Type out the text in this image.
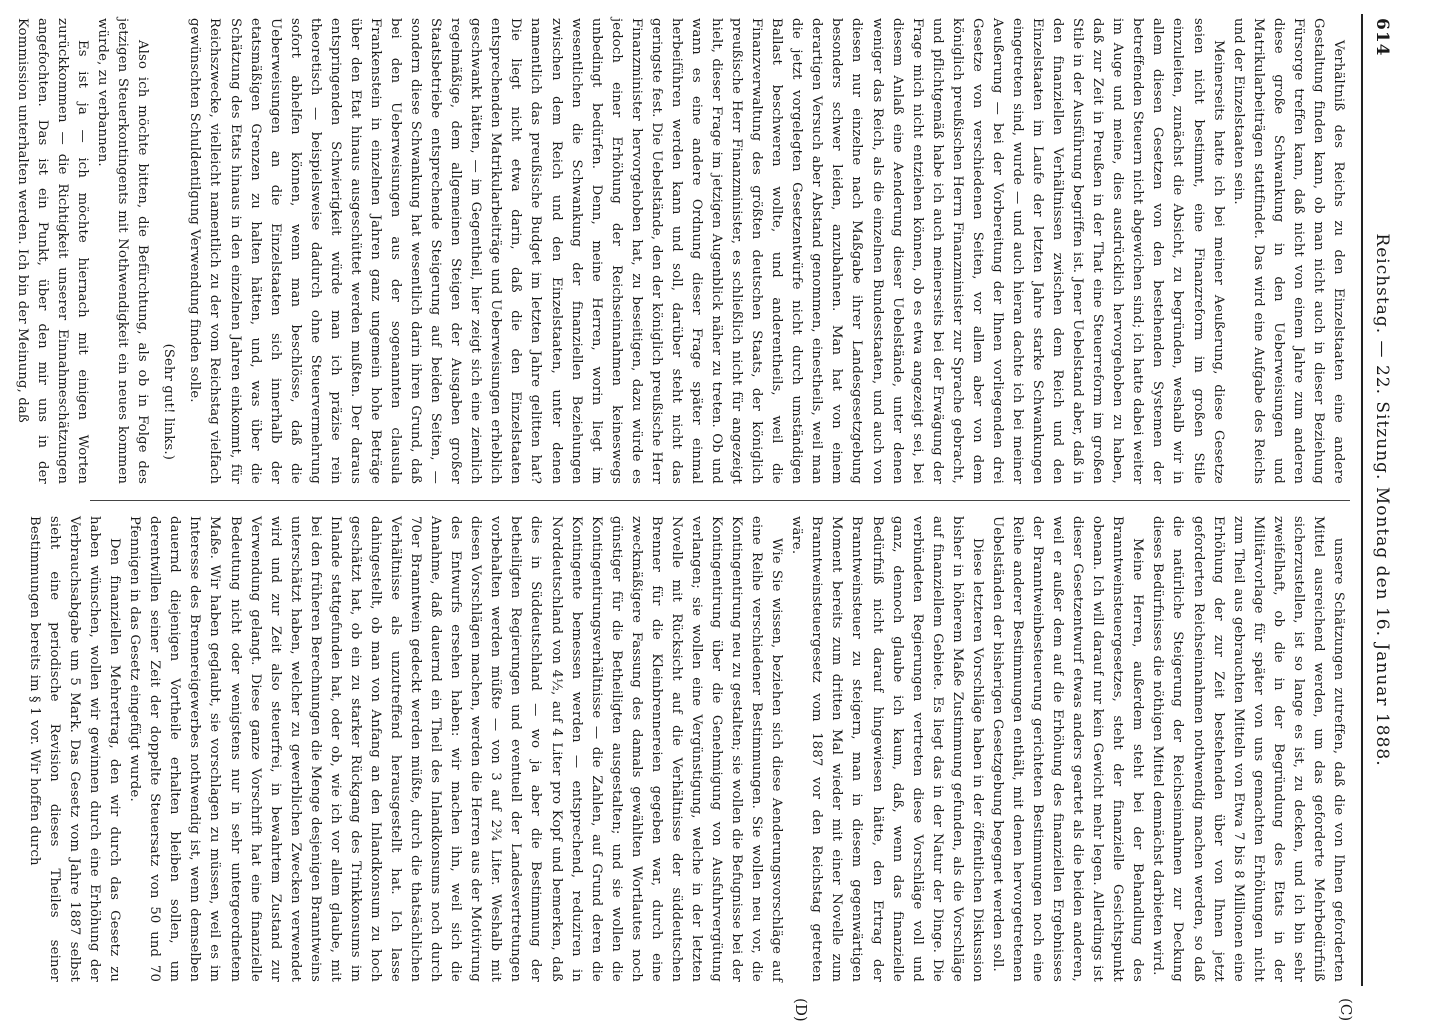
614
Reichstag. — 22. Sitzung. Montag den 16. Januar 1888.
(C)
(D)

Verhältniß des Reichs zu den Einzelstaaten eine andere Gestaltung finden kann, ob man nicht auch in dieser Beziehung Fürsorge treffen kann, daß nicht von einem Jahre zum anderen diese große Schwankung in den Ueberweisungen und Matrikularbeiträgen stattfindet. Das wird eine Aufgabe des Reichs und der Einzelstaaten sein.

Meinerseits hatte ich bei meiner Aeußerung, diese Gesetze seien nicht bestimmt, eine Finanzreform im großen Stile einzuleiten, zunächst die Absicht, zu begründen, weshalb wir in allem diesen Gesetzen von den bestehenden Systemen der betreffenden Steuern nicht abgewichen sind; ich hatte dabei weiter im Auge und meine, dies ausdrücklich hervorgehoben zu haben, daß zur Zeit in Preußen in der That eine Steuerreform im großen Stile in der Ausführung begriffen ist. Jener Uebelstand aber, daß in den finanziellen Verhältnissen zwischen dem Reich und den Einzelstaaten im Laufe der letzten Jahre starke Schwankungen eingetreten sind, wurde — und auch hieran dachte ich bei meiner Aeußerung — bei der Vorbereitung der Ihnen vorliegenden drei Gesetze von verschiedenen Seiten, vor allem aber von dem königlich preußischen Herrn Finanzminister zur Sprache gebracht, und pflichtgemäß habe ich auch meinerseits bei der Erwägung der Frage mich nicht entziehen können, ob es etwa angezeigt sei, bei diesem Anlaß eine Aenderung dieser Uebelstände, unter denen weniger das Reich, als die einzelnen Bundesstaaten, und auch von diesen nur einzelne nach Maßgabe ihrer Landesgesetzgebung besonders schwer leiden, anzubahnen. Man hat von einem derartigen Versuch aber Abstand genommen, einestheils, weil man die jetzt vorgelegten Gesetzentwürfe nicht durch umständigen Ballast beschweren wollte, und anderentheils, weil die Finanzverwaltung des größten deutschen Staats, der königlich preußische Herr Finanzminister, es schließlich nicht für angezeigt hielt, dieser Frage im jetzigen Augenblick näher zu treten. Ob und wann es eine andere Ordnung dieser Frage später einmal herbeiführen werden kann und soll, darüber steht nicht das geringste fest. Die Uebelstände, den der königlich preußische Herr Finanzminister hervorgehoben hat, zu beseitigen, dazu würde es jedoch einer Erhöhung der Reichseinnahmen keineswegs unbedingt bedürfen. Denn, meine Herren, worin liegt im wesentlichen die Schwankung der finanziellen Beziehungen zwischen dem Reich und den Einzelstaaten, unter denen namentlich das preußische Budget im letzten Jahre gelitten hat? Die liegt nicht etwa darin, daß die den Einzelstaaten entsprechenden Matrikularbeiträge und Ueberweisungen erheblich geschwankt hätten, — im Gegentheil, hier zeigt sich eine ziemlich regelmäßige, dem allgemeinen Steigen der Ausgaben großer Staatsbetriebe entsprechende Steigerung auf beiden Seiten, — sondern diese Schwankung hat wesentlich darin ihren Grund, daß bei den Ueberweisungen aus der sogenannten clausula Frankenstein in einzelnen Jahren ganz ungemein hohe Beträge über den Etat hinaus ausgeschüttet werden mußten. Der daraus entspringenden Schwierigkeit würde man ich präzise rein theoretisch — beispielsweise dadurch ohne Steuervermehrung sofort abhelfen können, wenn man beschlösse, daß die Ueberweisungen an die Einzelstaaten sich innerhalb der etatsmäßigen Grenzen zu halten hätten, und, was über die Schätzung des Etats hinaus in den einzelnen Jahren einkommt, für Reichszwecke, vielleicht namentlich zu der vom Reichstag vielfach gewünschten Schuldentilgung Verwendung finden solle.

(Sehr gut! links.)

Also ich möchte bitten, die Befürchtung, als ob in Folge des jetzigen Steuerkontingents mit Nothwendigkeit ein neues kommen würde, zu verbannen.

Es ist ja — ich möchte hiernach mit einigen Worten zurückkommen — die Richtigkeit unserer Einnahmeschätzungen angefochten. Das ist ein Punkt, über den mir uns in der Kommission unterhalten werden. Ich bin der Meinung, daß

unsere Schätzungen zutreffen, daß die von Ihnen geforderten Mittel ausreichend werden, um das geforderte Mehrbedürfniß sicherzustellen, ist so lange es ist, zu decken, und ich bin sehr zweifelhaft, ob die in der Begründung des Etats in der Militärvorlage für später von uns gemachten Erhöhungen nicht zum Theil aus gebrauchten Mitteln von Etwa 7 bis 8 Millionen eine Erhöhung der zur Zeit bestehenden über von Ihnen jetzt geforderten Reichseinnahmen nothwendig machen werden, so daß die natürliche Steigerung der Reichseinnahmen zur Deckung dieses Bedürfnisses die nöthigen Mittel demnächst darbieten wird.

Meine Herren, außerdem steht bei der Behandlung des Branntweinsteuergesetzes, steht der finanzielle Gesichtspunkt obenan. Ich will darauf nur kein Gewicht mehr legen. Allerdings ist dieser Gesetzentwurf etwas anders geartet als die beiden anderen, weil er außer dem auf die Erhöhung des finanziellen Ergebnisses der Branntweinbesteuerung gerichteten Bestimmungen noch eine Reihe anderer Bestimmungen enthält, mit denen hervorgetretenen Uebelständen der bisherigen Gesetzgebung begegnet werden soll.

Diese letzteren Vorschläge haben in der öffentlichen Diskussion bisher in höherem Maße Zustimmung gefunden, als die Vorschläge auf finanziellem Gebiete. Es liegt das in der Natur der Dinge. Die verbündeten Regierungen vertreten diese Vorschläge voll und ganz, dennoch glaube ich kaum, daß, wenn das finanzielle Bedürfniß nicht darauf hingewiesen hätte, den Ertrag der Branntweinsteuer zu steigern, man in diesem gegenwärtigen Moment bereits zum dritten Mal wieder mit einer Novelle zum Branntweinsteuergesetz vom 1887 vor den Reichstag getreten wäre.

Wie Sie wissen, beziehen sich diese Aenderungsvorschläge auf eine Reihe verschiedener Bestimmungen. Sie wollen neu vor, die Kontingentirung neu zu gestalten; sie wollen die Befugnisse bei der Kontingentirung über die Genehmigung von Ausfuhrvergütung verlangen; sie wollen eine Vergünstigung, welche in der letzten Novelle mit Rücksicht auf die Verhältnisse der süddeutschen Brenner für die Kleinbrennereien gegeben war, durch eine zweckmäßigere Fassung des damals gewählten Wortlautes noch günstiger für die Betheiligten ausgestalten; und sie wollen die Kontingentirungsverhältnisse — die Zahlen, auf Grund deren die Kontingente bemessen werden — entsprechend, reduziren in Norddeutschland von 4½, auf 4 Liter pro Kopf und bemerken, daß dies in Süddeutschland — wo ja aber die Bestimmung der betheiligten Regierungen und eventuell der Landesvertretungen vorbehalten werden müßte — von 3 auf 2¾ Liter. Weshalb mit diesen Vorschlägen machen, werden die Herren aus der Motivirung des Entwurfs ersehen haben: wir machen ihn, weil sich die Annahme, daß dauernd ein Theil des Inlandkonsums noch durch 70er Branntwein gedeckt werden müßte, durch die thatsächlichen Verhältnisse als unzutreffend herausgestellt hat. Ich lasse dahingestellt, ob man von Anfang an den Inlandkonsum zu hoch geschätzt hat, ob ein zu starker Rückgang des Trinkkonsums im Inlande stattgefunden hat, oder ob, wie ich vor allem glaube, mit bei den früheren Berechnungen die Menge desjenigen Branntweins unterschätzt haben, welcher zu gewerblichen Zwecken verwendet wird und zur Zeit also steuerfrei, in bewahrtem Zustand zur Verwendung gelangt. Diese ganze Vorschrift hat eine finanzielle Bedeutung nicht oder wenigstens nur in sehr untergeordnetem Maße. Wir haben geglaubt, sie vorschlagen zu müssen, weil es im Interesse des Brennereigewerbes nothwendig ist, wenn demselben dauernd diejenigen Vortheile erhalten bleiben sollen, um derentwillen seiner Zeit der doppelte Steuersatz von 50 und 70 Pfennigen in das Gesetz eingefügt wurde.

Den finanziellen Mehrertrag, den wir durch das Gesetz zu haben wünschen, wollen wir gewinnen durch eine Erhöhung der Verbrauchsabgabe um 5 Mark. Das Gesetz vom Jahre 1887 selbst sieht eine periodische Revision dieses Theiles seiner Bestimmungen bereits im § 1 vor. Wir hoffen durch
